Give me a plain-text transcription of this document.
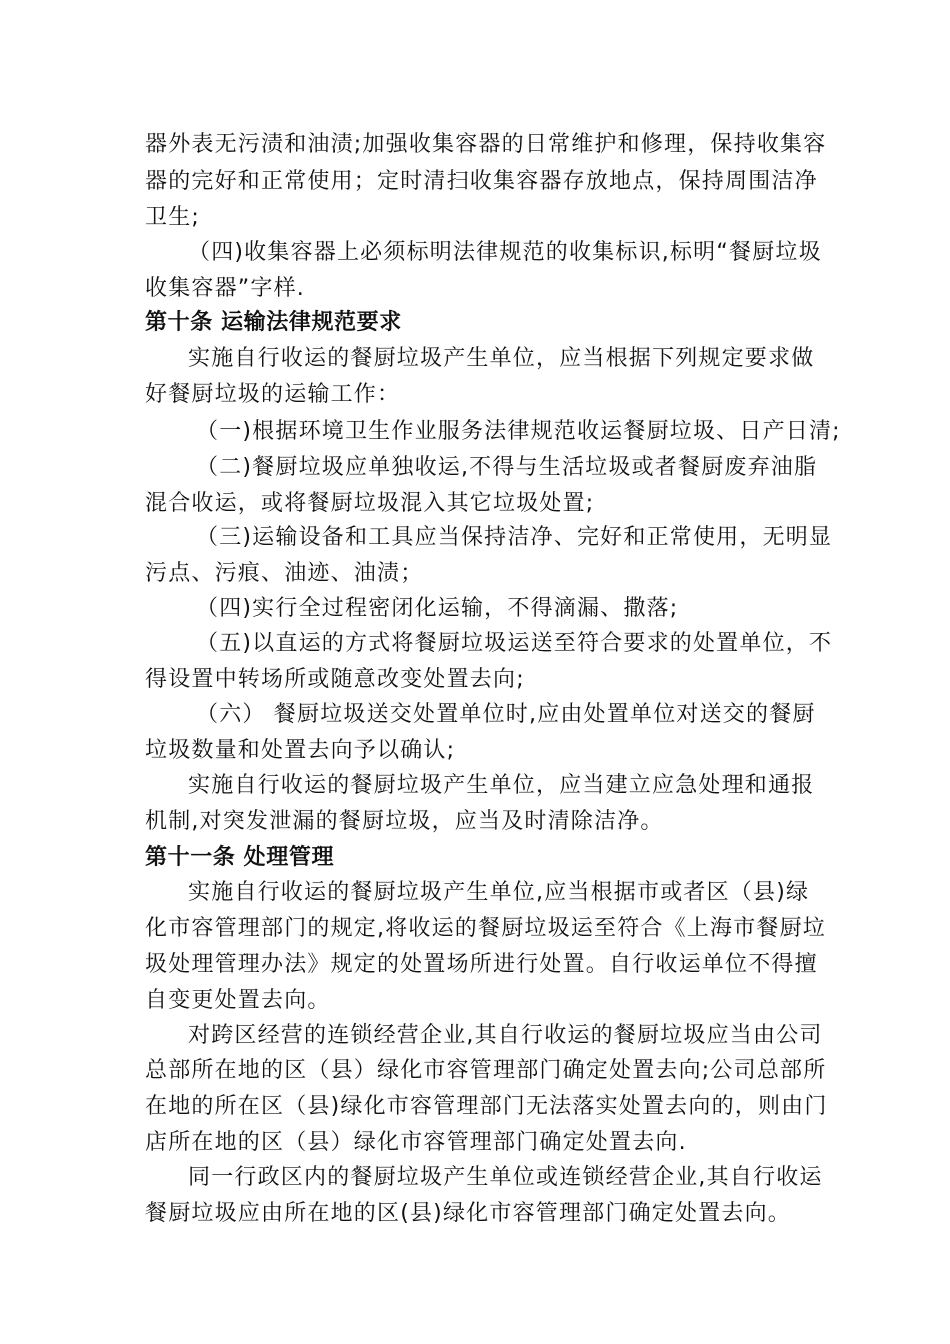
器外表无污渍和油渍;加强收集容器的日常维护和修理，保持收集容
器的完好和正常使用；定时清扫收集容器存放地点，保持周围洁净
卫生;
（四)收集容器上必须标明法律规范的收集标识,标明“餐厨垃圾
收集容器”字样.
第十条 运输法律规范要求
实施自行收运的餐厨垃圾产生单位，应当根据下列规定要求做
好餐厨垃圾的运输工作：
（一)根据环境卫生作业服务法律规范收运餐厨垃圾、日产日清;
（二)餐厨垃圾应单独收运,不得与生活垃圾或者餐厨废弃油脂
混合收运，或将餐厨垃圾混入其它垃圾处置;
（三)运输设备和工具应当保持洁净、完好和正常使用，无明显
污点、污痕、油迹、油渍；
（四)实行全过程密闭化运输，不得滴漏、撒落;
（五)以直运的方式将餐厨垃圾运送至符合要求的处置单位，不
得设置中转场所或随意改变处置去向;
（六） 餐厨垃圾送交处置单位时,应由处置单位对送交的餐厨
垃圾数量和处置去向予以确认;
实施自行收运的餐厨垃圾产生单位，应当建立应急处理和通报
机制,对突发泄漏的餐厨垃圾，应当及时清除洁净。
第十一条 处理管理
实施自行收运的餐厨垃圾产生单位,应当根据市或者区（县)绿
化市容管理部门的规定,将收运的餐厨垃圾运至符合《上海市餐厨垃
圾处理管理办法》规定的处置场所进行处置。自行收运单位不得擅
自变更处置去向。
对跨区经营的连锁经营企业,其自行收运的餐厨垃圾应当由公司
总部所在地的区（县）绿化市容管理部门确定处置去向;公司总部所
在地的所在区（县)绿化市容管理部门无法落实处置去向的，则由门
店所在地的区（县）绿化市容管理部门确定处置去向.
同一行政区内的餐厨垃圾产生单位或连锁经营企业,其自行收运
餐厨垃圾应由所在地的区(县)绿化市容管理部门确定处置去向。
